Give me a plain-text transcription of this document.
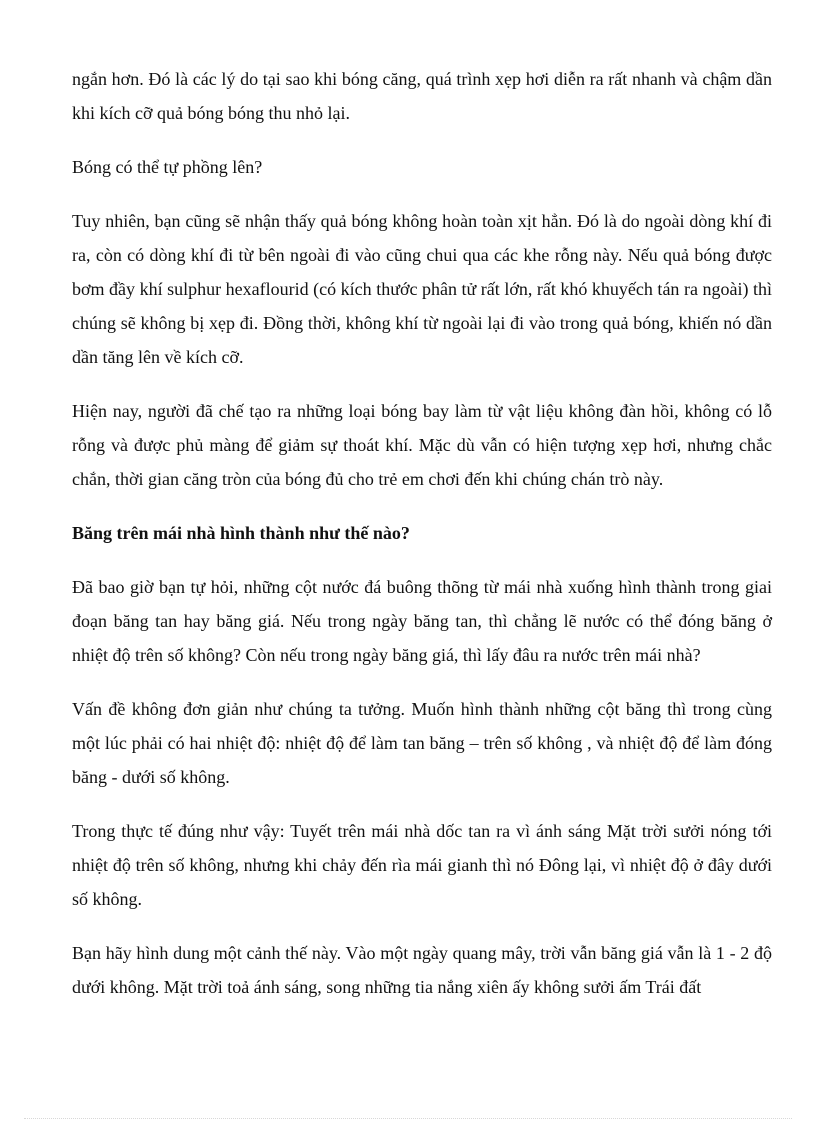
ngắn hơn. Đó là các lý do tại sao khi bóng căng, quá trình xẹp hơi diễn ra rất nhanh và chậm dần khi kích cỡ quả bóng bóng thu nhỏ lại.

Bóng có thể tự phồng lên?

Tuy nhiên, bạn cũng sẽ nhận thấy quả bóng không hoàn toàn xịt hẳn. Đó là do ngoài dòng khí đi ra, còn có dòng khí đi từ bên ngoài đi vào cũng chui qua các khe rỗng này. Nếu quả bóng được bơm đầy khí sulphur hexaflourid (có kích thước phân tử rất lớn, rất khó khuyếch tán ra ngoài) thì chúng sẽ không bị xẹp đi. Đồng thời, không khí từ ngoài lại đi vào trong quả bóng, khiến nó dần dần tăng lên về kích cỡ.

Hiện nay, người đã chế tạo ra những loại bóng bay làm từ vật liệu không đàn hồi, không có lỗ rỗng và được phủ màng để giảm sự thoát khí. Mặc dù vẫn có hiện tượng xẹp hơi, nhưng chắc chắn, thời gian căng tròn của bóng đủ cho trẻ em chơi đến khi chúng chán trò này.

Băng trên mái nhà hình thành như thế nào?

Đã bao giờ bạn tự hỏi, những cột nước đá buông thõng từ mái nhà xuống hình thành trong giai đoạn băng tan hay băng giá. Nếu trong ngày băng tan, thì chẳng lẽ nước có thể đóng băng ở nhiệt độ trên số không? Còn nếu trong ngày băng giá, thì lấy đâu ra nước trên mái nhà?

Vấn đề không đơn giản như chúng ta tưởng. Muốn hình thành những cột băng thì trong cùng một lúc phải có hai nhiệt độ: nhiệt độ để làm tan băng – trên số không , và nhiệt độ để làm đóng băng - dưới số không.

Trong thực tế đúng như vậy: Tuyết trên mái nhà dốc tan ra vì ánh sáng Mặt trời sưởi nóng tới nhiệt độ trên số không, nhưng khi chảy đến rìa mái gianh thì nó Đông lại, vì nhiệt độ ở đây dưới số không.

Bạn hãy hình dung một cảnh thế này. Vào một ngày quang mây, trời vẫn băng giá vẫn là 1 - 2 độ dưới không. Mặt trời toả ánh sáng, song những tia nắng xiên ấy không sưởi ấm Trái đất
